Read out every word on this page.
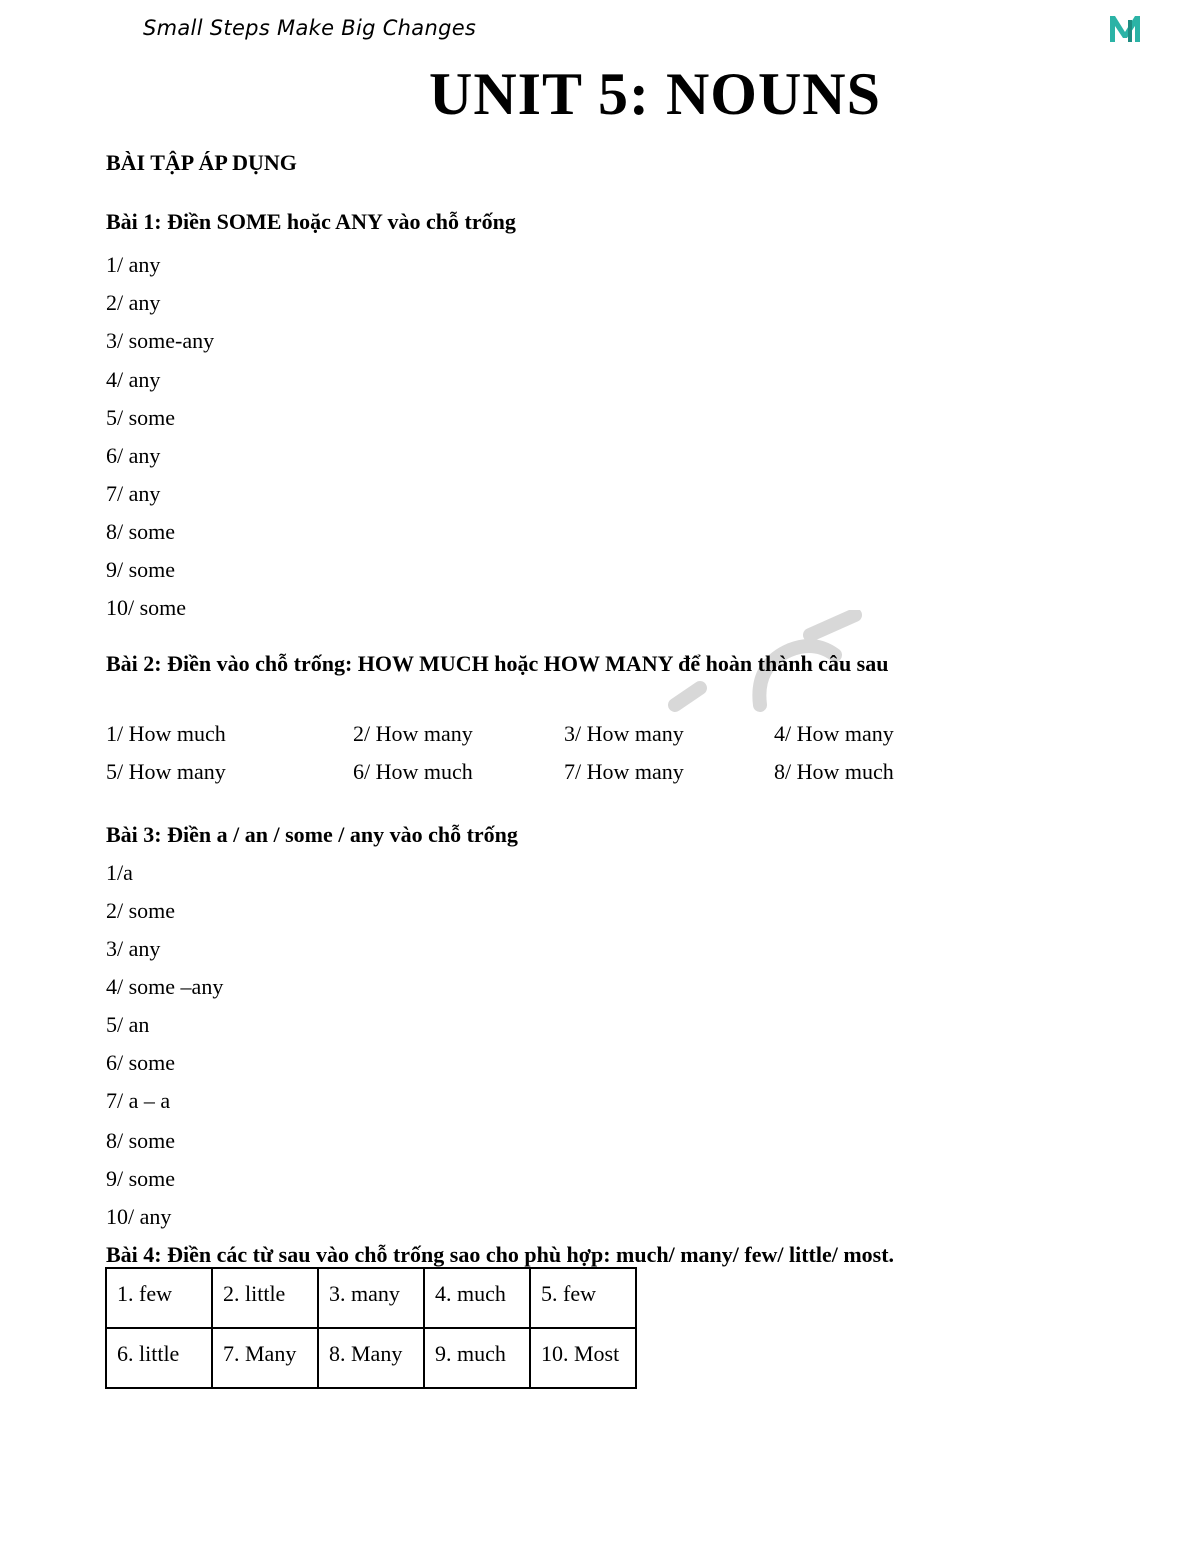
Small Steps Make Big Changes
UNIT 5: NOUNS
BÀI TẬP ÁP DỤNG
Bài 1: Điền SOME hoặc ANY vào chỗ trống
1/ any
2/ any
3/ some-any
4/ any
5/ some
6/ any
7/ any
8/ some
9/ some
10/ some
Bài 2: Điền vào chỗ trống: HOW MUCH hoặc HOW MANY để hoàn thành câu sau
1/ How much	2/ How many	3/ How many	4/ How many
5/ How many	6/ How much	7/ How many	8/ How much
Bài 3: Điền a / an / some / any vào chỗ trống
1/a
2/ some
3/ any
4/ some –any
5/ an
6/ some
7/ a – a
8/ some
9/ some
10/ any
Bài 4: Điền các từ sau vào chỗ trống sao cho phù hợp: much/ many/ few/ little/ most.
1. few	2. little	3. many	4. much	5. few
6. little	7. Many	8. Many	9. much	10. Most
